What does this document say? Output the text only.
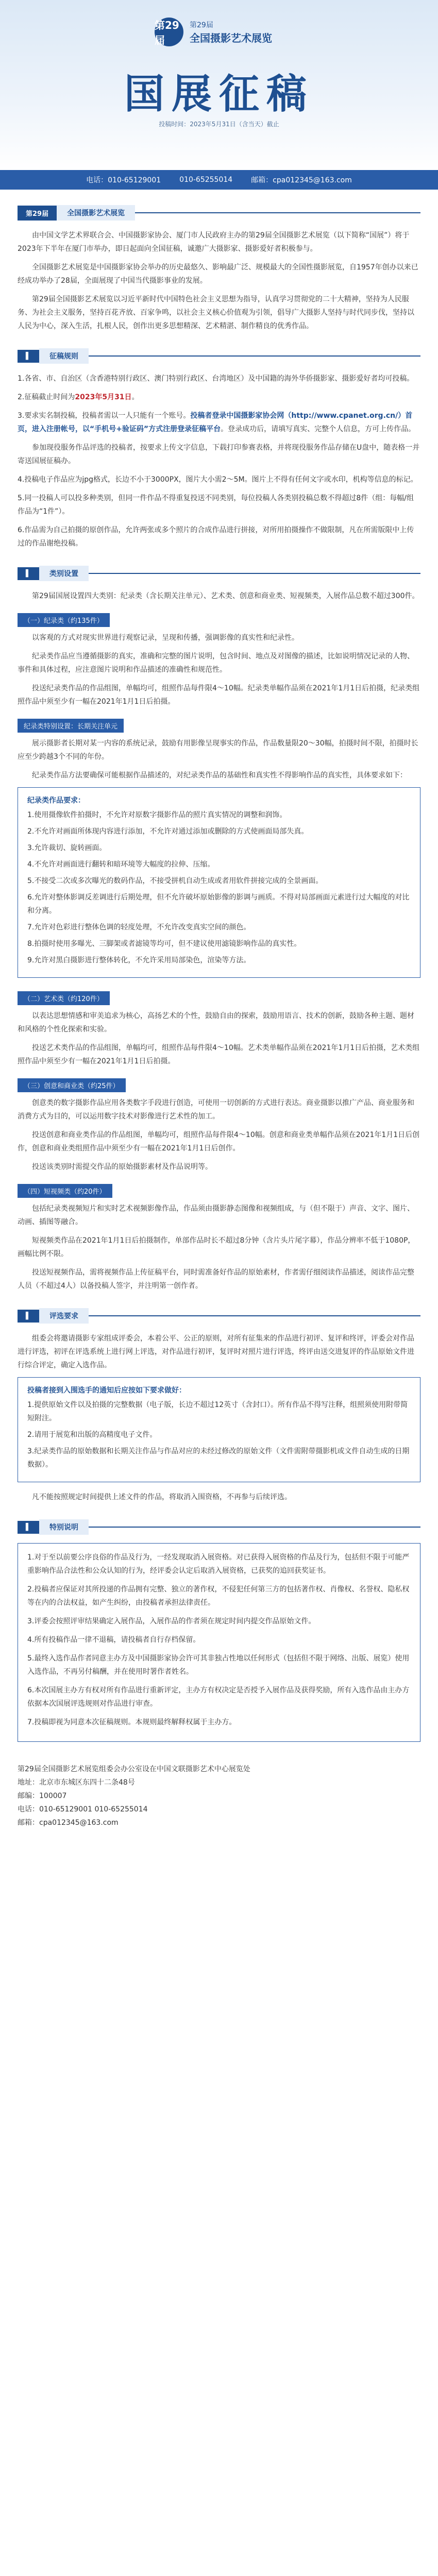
第29届
第29届
全国摄影艺术展览
国展征稿
投稿时间：2023年5月31日（含当天）截止
电话：010-65129001	010-65255014	邮箱：cpa012345@163.com
第29届	全国摄影艺术展览

由中国文学艺术界联合会、中国摄影家协会、厦门市人民政府主办的第29届全国摄影艺术展览（以下简称“国展”）将于2023年下半年在厦门市举办，即日起面向全国征稿，诚邀广大摄影家、摄影爱好者积极参与。

全国摄影艺术展览是中国摄影家协会举办的历史最悠久、影响最广泛、规模最大的全国性摄影展览，自1957年创办以来已经成功举办了28届，全面展现了中国当代摄影事业的发展。

第29届全国摄影艺术展览以习近平新时代中国特色社会主义思想为指导，认真学习贯彻党的二十大精神，坚持为人民服务、为社会主义服务，坚持百花齐放、百家争鸣，以社会主义核心价值观为引领，倡导广大摄影人坚持与时代同步伐，坚持以人民为中心，深入生活，扎根人民，创作出更多思想精深、艺术精湛、制作精良的优秀作品。

▌	征稿规则

1.各省、市、自治区（含香港特别行政区、澳门特别行政区、台湾地区）及中国籍的海外华侨摄影家、摄影爱好者均可投稿。

2.征稿截止时间为2023年5月31日。

3.要求实名制投稿，投稿者需以一人只能有一个账号。投稿者登录中国摄影家协会网（http://www.cpanet.org.cn/）首页，进入注册帐号，以“手机号+验证码”方式注册登录征稿平台。登录成功后，请填写真实、完整个人信息，方可上传作品。

参加现役服务作品评选的投稿者，按要求上传文字信息，下载打印参赛表格，并将现役服务作品存储在U盘中，随表格一并寄送国展征稿办。

4.投稿电子作品应为jpg格式，长边不小于3000PX，图片大小需2～5M。图片上不得有任何文字或水印，机构等信息的标记。

5.同一投稿人可以投多种类别，但同一件作品不得重复投送不同类别，每位投稿人各类别投稿总数不得超过8件（组：每幅/组作品为“1件”）。

6.作品需为自己拍摄的原创作品，允许两张或多个照片的合成作品进行拼接，对所用拍摄操作不做限制，凡在所需版限中上传过的作品谢绝投稿。

▌	类别设置

第29届国展设置四大类别：纪录类（含长期关注单元）、艺术类、创意和商业类、短视频类，入展作品总数不超过300件。

（一）纪录类（约135件）

以客观的方式对现实世界进行观察记录，呈现和传播，强调影像的真实性和纪录性。

纪录类作品应当遵循摄影的真实，准确和完整的图片说明，包含时间、地点及对图像的描述，比如说明情况记录的人物、事件和具体过程，应注意图片说明和作品描述的准确性和规范性。

投送纪录类作品的作品组图，单幅均可，组照作品每件限4～10幅。纪录类单幅作品须在2021年1月1日后拍摄，纪录类组照作品中须至少有一幅在2021年1月1日后拍摄。

纪录类特别设置：长期关注单元

展示摄影者长期对某一内容的系统记录，鼓励有用影像呈现事实的作品，作品数量限20～30幅，拍摄时间不限，拍摄时长应至少跨越3个不同的年份。

纪录类作品方法要确保可能根据作品描述的，对纪录类作品的基础性和真实性不得影响作品的真实性，具体要求如下：

纪录类作品要求：
1.使用摄像软件拍摄时，不允许对原数字摄影作品的照片真实情况的调整和润饰。
2.不允许对画面所体现内容进行添加，不允许对通过添加或删除的方式使画面局部失真。
3.允许裁切、旋转画面。
4.不允许对画面进行翻转和暗环境等大幅度的拉伸、压缩。
5.不接受二次或多次曝光的数码作品，不接受拼机自动生成或者用软件拼接完成的全景画面。
6.允许对整体影调反差调进行后期处理，但不允许破坏原始影像的影调与画质。不得对局部画面元素进行过大幅度的对比和分离。
7.允许对色彩进行整体色调的轻度处理，不允许改变真实空间的颜色。
8.拍摄时使用多曝光、三脚架或者滤镜等均可，但不建议使用滤镜影响作品的真实性。
9.允许对黑白摄影进行整体转化，不允许采用局部染色，渲染等方法。
（二）艺术类（约120件）

以表达思想情感和审美追求为核心，高扬艺术的个性，鼓励自由的探索，鼓励用语言、技术的创新，鼓励各种主题、题材和风格的个性化探索和实验。

投送艺术类作品的作品组图，单幅均可，组照作品每件限4～10幅。艺术类单幅作品须在2021年1月1日后拍摄，艺术类组照作品中须至少有一幅在2021年1月1日后拍摄。

（三）创意和商业类（约25件）

创意类的数字摄影作品应用各类数字手段进行创造，可使用一切创新的方式进行表达。商业摄影以推广产品、商业服务和消费方式为目的，可以运用数字技术对影像进行艺术性的加工。

投送创意和商业类作品的作品组图，单幅均可，组照作品每件限4～10幅。创意和商业类单幅作品须在2021年1月1日后创作，创意和商业类组照作品中须至少有一幅在2021年1月1日后创作。

投送该类别时需提交作品的原始摄影素材及作品说明等。

（四）短视频类（约20件）

包括纪录类视频短片和实时艺术视频影像作品，作品须由摄影静态图像和视频组成，与（但不限于）声音、文字、图片、动画、插图等融合。

短视频类作品在2021年1月1日后拍摄制作，单部作品时长不超过8分钟（含片头片尾字幕），作品分辨率不低于1080P，画幅比例不限。

投送短视频作品，需将视频作品上传征稿平台，同时需准备好作品的原始素材，作者需仔细阅读作品描述，阅读作品完整人员（不超过4人）以备投稿人签字，并注明第一创作者。

▌	评选要求

组委会将邀请摄影专家组成评委会，本着公平、公正的原则，对所有征集来的作品进行初评、复评和终评，评委会对作品进行评选，初评在评选系统上进行网上评选，对作品进行初评，复评时对照片进行评选，终评由送交进复评的作品原始文件进行综合评定，确定入选作品。

投稿者接到入围选手的通知后应按如下要求做好：
1.提供原始文件以及拍摄的完整数据（电子版，长边不超过12英寸（含封口）。所有作品不得写注释，组照须使用附带简短附注。
2.请用于展览和出版的高精度电子文件。
3.纪录类作品的原始数据和长期关注作品与作品对应的未经过修改的原始文件（文件需附带摄影机或文件自动生成的日期数据）。

凡不能按照规定时间提供上述文件的作品，将取消入围资格，不再参与后续评选。

▌	特别说明

1.对于至以前要公序良俗的作品及行为，一经发现取消入展资格。对已获得入展资格的作品及行为，包括但不限于可能严重影响作品合法性和公众认知的行为，经评委会认定后取消入展资格，已获奖的追回获奖证书。

2.投稿者应保证对其所投递的作品拥有完整、独立的著作权，不侵犯任何第三方的包括著作权、肖像权、名誉权、隐私权等在内的合法权益，如产生纠纷，由投稿者承担法律责任。

3.评委会按照评审结果确定入展作品，入展作品的作者须在规定时间内提交作品原始文件。

4.所有投稿作品一律不退稿，请投稿者自行存档保留。

5.最终入选作品作者同意主办方及中国摄影家协会许可其非独占性地以任何形式（包括但不限于网络、出版、展览）使用入选作品，不再另付稿酬，并在使用时署作者姓名。

6.本次国展主办方有权对所有作品进行重新评定，主办方有权决定是否授予入展作品及获得奖励，所有入选作品由主办方依据本次国展评选规则对作品进行审查。

7.投稿即视为同意本次征稿规则。本规则最终解释权属于主办方。

第29届全国摄影艺术展览组委会办公室设在中国文联摄影艺术中心展览处
地址：北京市东城区东四十二条48号
邮编：100007
电话：010-65129001 010-65255014
邮箱：cpa012345@163.com
